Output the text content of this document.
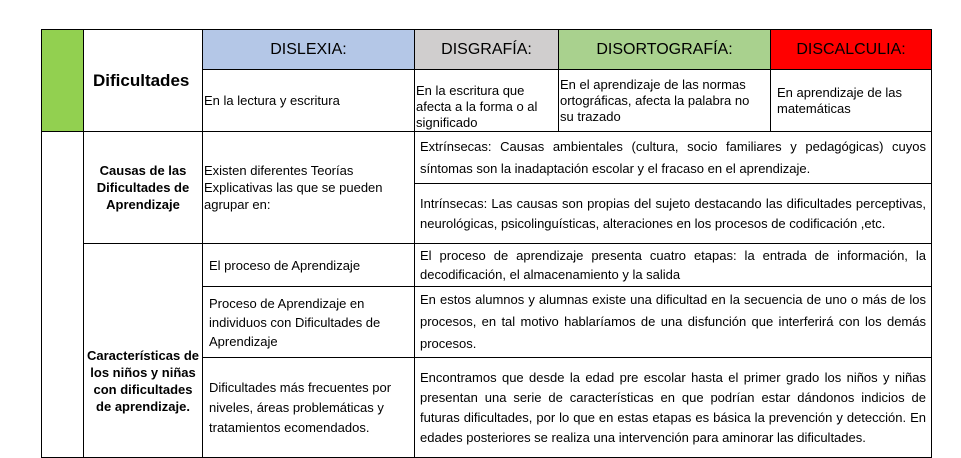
	Dificultades	DISLEXIA:	DISGRAFÍA:	DISORTOGRAFÍA:	DISCALCULIA:
		En la lectura y escritura	En la escritura que afecta a la forma o al significado	En el aprendizaje de las normas ortográficas, afecta la palabra no su trazado	En aprendizaje de las matemáticas
	Causas de las Dificultades de Aprendizaje	Existen diferentes Teorías Explicativas las que se pueden agrupar en:	Extrínsecas: Causas ambientales (cultura, socio familiares y pedagógicas) cuyos síntomas son la inadaptación escolar y el fracaso en el aprendizaje.		
			Intrínsecas: Las causas son propias del sujeto destacando las dificultades perceptivas, neurológicas, psicolinguísticas, alteraciones en los procesos de codificación ,etc.		
	Características de los niños y niñas con dificultades de aprendizaje.	El proceso de Aprendizaje	El proceso de aprendizaje presenta cuatro etapas: la entrada de información, la decodificación, el almacenamiento y la salida		
		Proceso de Aprendizaje en individuos con Dificultades de Aprendizaje	En estos alumnos y alumnas existe una dificultad en la secuencia de uno o más de los procesos, en tal motivo hablaríamos de una disfunción que interferirá con los demás procesos.		
		Dificultades más frecuentes por niveles, áreas problemáticas y tratamientos ecomendados.	Encontramos que desde la edad pre escolar hasta el primer grado los niños y niñas presentan una serie de características en que podrían estar dándonos indicios de futuras dificultades, por lo que en estas etapas es básica la prevención y detección. En edades posteriores se realiza una intervención para aminorar las dificultades.		
